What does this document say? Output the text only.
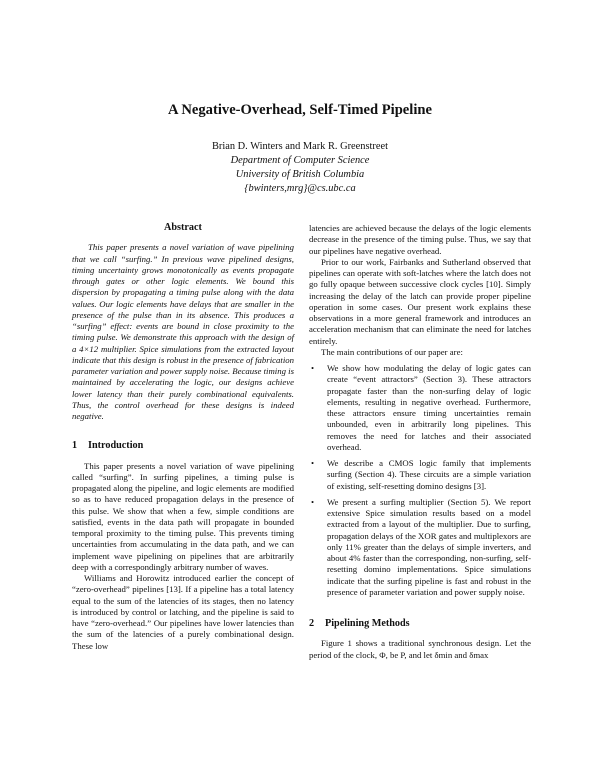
A Negative-Overhead, Self-Timed Pipeline
Brian D. Winters and Mark R. Greenstreet
Department of Computer Science
University of British Columbia
{bwinters,mrg}@cs.ubc.ca
Abstract

This paper presents a novel variation of wave pipelining that we call “surfing.” In previous wave pipelined designs, timing uncertainty grows monotonically as events propagate through gates or other logic elements. We bound this dispersion by propagating a timing pulse along with the data values. Our logic elements have delays that are smaller in the presence of the pulse than in its absence. This produces a “surfing” effect: events are bound in close proximity to the timing pulse. We demonstrate this approach with the design of a 4×12 multiplier. Spice simulations from the extracted layout indicate that this design is robust in the presence of fabrication parameter variation and power supply noise. Because timing is maintained by accelerating the logic, our designs achieve lower latency than their purely combinational equivalents. Thus, the control overhead for these designs is indeed negative.

1 Introduction

This paper presents a novel variation of wave pipelining called “surfing”. In surfing pipelines, a timing pulse is propagated along the pipeline, and logic elements are modified so as to have reduced propagation delays in the presence of this pulse. We show that when a few, simple conditions are satisfied, events in the data path will propagate in bounded temporal proximity to the timing pulse. This prevents timing uncertainties from accumulating in the data path, and we can implement wave pipelining on pipelines that are arbitrarily deep with a correspondingly arbitrary number of waves.

Williams and Horowitz introduced earlier the concept of “zero-overhead” pipelines [13]. If a pipeline has a total latency equal to the sum of the latencies of its stages, then no latency is introduced by control or latching, and the pipeline is said to have “zero-overhead.” Our pipelines have lower latencies than the sum of the latencies of a purely combinational design. These low

latencies are achieved because the delays of the logic elements decrease in the presence of the timing pulse. Thus, we say that our pipelines have negative overhead.

Prior to our work, Fairbanks and Sutherland observed that pipelines can operate with soft-latches where the latch does not go fully opaque between successive clock cycles [10]. Simply increasing the delay of the latch can provide proper pipeline operation in some cases. Our present work explains these observations in a more general framework and introduces an acceleration mechanism that can eliminate the need for latches entirely.

The main contributions of our paper are:

• We show how modulating the delay of logic gates can create “event attractors” (Section 3). These attractors propagate faster than the non-surfing delay of logic elements, resulting in negative overhead. Furthermore, these attractors ensure timing uncertainties remain unbounded, even in arbitrarily long pipelines. This removes the need for latches and their associated overhead.
• We describe a CMOS logic family that implements surfing (Section 4). These circuits are a simple variation of existing, self-resetting domino designs [3].
• We present a surfing multiplier (Section 5). We report extensive Spice simulation results based on a model extracted from a layout of the multiplier. Due to surfing, propagation delays of the XOR gates and multiplexors are only 11% greater than the delays of simple inverters, and about 4% faster than the corresponding, non-surfing, self-resetting domino implementations. Spice simulations indicate that the surfing pipeline is fast and robust in the presence of parameter variation and power supply noise.
2 Pipelining Methods

Figure 1 shows a traditional synchronous design. Let the period of the clock, Φ, be P, and let δmin and δmax
